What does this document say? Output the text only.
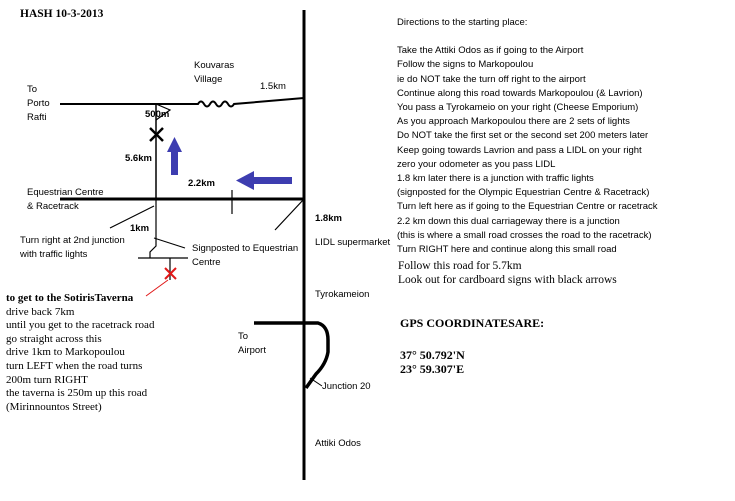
HASH 10-3-2013
To
Porto
Rafti
Kouvaras
Village
1.5km
500m
5.6km
2.2km
Equestrian Centre
& Racetrack
1km
Turn right at 2nd junction
with traffic lights
Signposted to Equestrian
Centre
1.8km
LIDL supermarket
Tyrokameion
To
Airport
Junction 20
Attiki Odos
Directions to the starting place:
Take the Attiki Odos as if going to the Airport
Follow the signs to Markopoulou
ie do NOT take the turn off right to the airport
Continue along this road towards Markopoulou (& Lavrion)
You pass a Tyrokameio on your right (Cheese Emporium)
As you approach Markopoulou there are 2 sets of lights
Do NOT take the first set or the second set 200 meters later
Keep going towards Lavrion and pass a LIDL on your right
zero your odometer as you pass LIDL
1.8 km later there is a junction with traffic lights
(signposted for the Olympic Equestrian Centre & Racetrack)
Turn left here as if going to the Equestrian Centre or racetrack
2.2 km down this dual carriageway there is a junction
(this is where a small road crosses the road to the racetrack)
Turn RIGHT here and continue along this small road
Follow this road for 5.7km
Look out for cardboard signs with black arrows
GPS COORDINATESARE:
37° 50.792'N
23° 59.307'E
to get to the SotirisTaverna
drive back 7km
until you get to the racetrack road
go straight across this
drive 1km to Markopoulou
turn LEFT when the road turns
200m turn RIGHT
the taverna is 250m up this road
(Mirinnountos Street)
